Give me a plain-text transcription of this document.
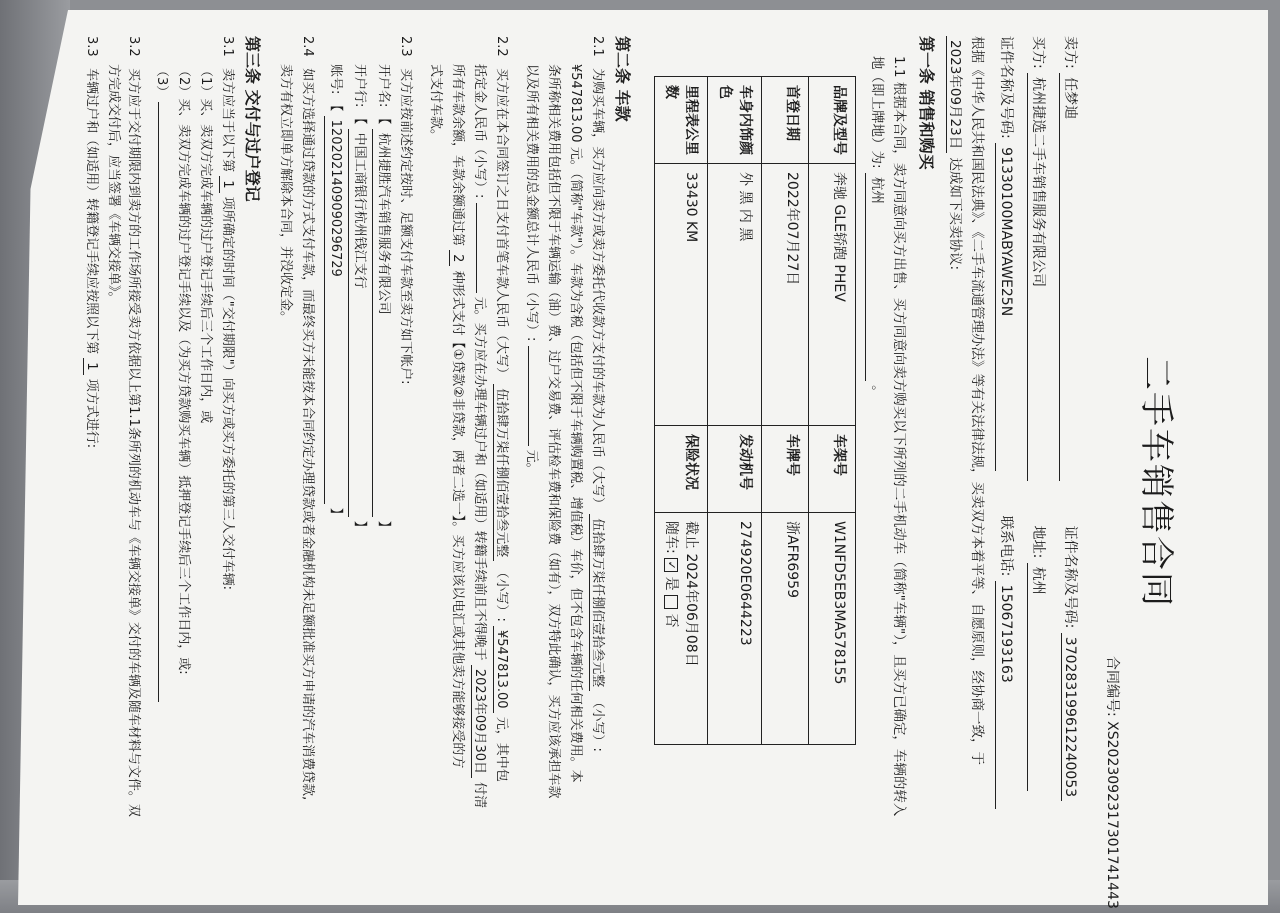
二手车销售合同
合同编号: XS20230923173017414​43
卖方: 任梦迪 证件名称及号码: 370283199612240053
买方: 杭州捷选二手车销售服务有限公司 地址: 杭州
证件名称及号码: 91330100MABYAWE25N 联系电话: 15067193163
根据《中华人民共和国民法典》、《二手车流通管理办法》等有关法律法规，买卖双方本着平等、自愿原则，经协商一致，于
2023年09月23日 达成如下买卖协议:
第一条 销售和购买
1.1 根据本合同，卖方同意向买方出售、买方同意向卖方购买以下所列的二手机动车（简称"车辆"），且买方已确定，车辆的转入
地（即上牌地）为: 杭州 。
品牌及型号	奔驰 GLE轿跑 PHEV	车架号	W1NFD5EB3MA578155
首登日期	2022年07月27日	车牌号	浙AFR6959
车身内饰颜色	外 黑 内 黑	发动机号	274920E0644223
里程表公里数	33430 KM	保险状况	截止 2024年06月08日
随车: ✓ 是  否
第二条 车款
2.1 为购买车辆，买方应向卖方或卖方委托代收款方支付的车款为人民币（大写） 伍拾肆万柒仟捌佰壹拾叁元整 （小写）:
¥547813.00 元。（简称"车款"）。车款为含税（包括但不限于车辆购置税、增值税）车价，但不包含车辆的任何相关费用。本
条所称相关费用包括但不限于车辆运输（油）费、过户交易费、评估检车费和保险费（如有），双方特此确认，买方应该承担车款
以及所有相关费用的总金额总计人民币（小写）:  元。
2.2 买方应在本合同签订之日支付首笔车款人民币（大写） 伍拾肆万柒仟捌佰壹拾叁元整 （小写）: ¥547813.00 元，其中包
括定金人民币（小写）:  元。买方应在办理车辆过户和（如适用）转籍手续前且不得晚于 2023年09月30日 付清
所有车款余额，车款余额通过第 2 种形式支付【①贷款②非贷款，两者二选一】。买方应该以电汇或其他卖方能够接受的方
式支付车款。
2.3 买方应按前述约定按时、足额支付车款至卖方如下帐户:
开户名: 【 杭州捷胜汽车销售服务有限公司 】
开户行: 【 中国工商银行杭州钱江支行 】
账号: 【 1202021409090296729 】
2.4 如买方选择通过贷款的方式支付车款，而最终买方未能按本合同约定办理贷款或者金融机构未足额批准买方申请的汽车消费贷款,
卖方有权立即单方解除本合同，并没收定金。
第三条 交付与过户登记
3.1 卖方应当于以下第 1 项所确定的时间（"交付期限"）向买方或买方委托的第三人交付车辆:
（1）买、卖双方完成车辆的过户登记手续后三个工作日内，或
（2）买、卖双方完成车辆的过户登记手续以及（为买方贷款购买车辆）抵押登记手续后三个工作日内，或:
（3）
3.2 买方应于交付期限内到卖方的工作场所接受卖方依据以上第1.1条所列的机动车与《车辆交接单》交付的车辆及随车材料与文件。双
方完成交付后，应当签署《车辆交接单》。
3.3 车辆过户和（如适用）转籍登记手续应按照以下第 1 项方式进行:
